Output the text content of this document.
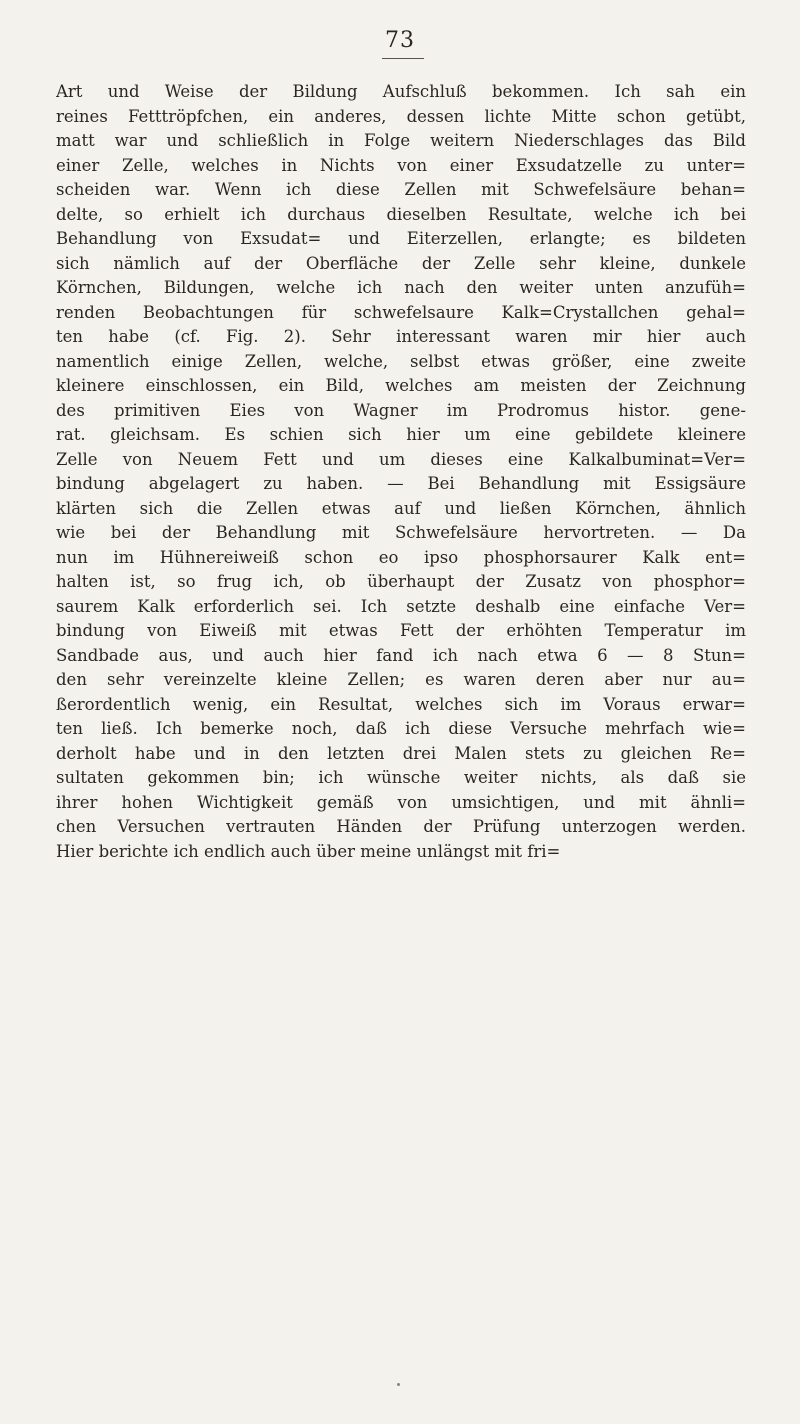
73
Art und Weise der Bildung Aufschluß bekommen. Ich sah ein
reines Fetttröpfchen, ein anderes, dessen lichte Mitte schon getübt,
matt war und schließlich in Folge weitern Niederschlages das Bild
einer Zelle, welches in Nichts von einer Exsudatzelle zu unter=
scheiden war. Wenn ich diese Zellen mit Schwefelsäure behan=
delte, so erhielt ich durchaus dieselben Resultate, welche ich bei
Behandlung von Exsudat= und Eiterzellen, erlangte; es bildeten
sich nämlich auf der Oberfläche der Zelle sehr kleine, dunkele
Körnchen, Bildungen, welche ich nach den weiter unten anzufüh=
renden Beobachtungen für schwefelsaure Kalk=Crystallchen gehal=
ten habe (cf. Fig. 2). Sehr interessant waren mir hier auch
namentlich einige Zellen, welche, selbst etwas größer, eine zweite
kleinere einschlossen, ein Bild, welches am meisten der Zeichnung
des primitiven Eies von Wagner im Prodromus histor. gene-
rat. gleichsam. Es schien sich hier um eine gebildete kleinere
Zelle von Neuem Fett und um dieses eine Kalkalbuminat=Ver=
bindung abgelagert zu haben. — Bei Behandlung mit Essigsäure
klärten sich die Zellen etwas auf und ließen Körnchen, ähnlich
wie bei der Behandlung mit Schwefelsäure hervortreten. — Da
nun im Hühnereiweiß schon eo ipso phosphorsaurer Kalk ent=
halten ist, so frug ich, ob überhaupt der Zusatz von phosphor=
saurem Kalk erforderlich sei. Ich setzte deshalb eine einfache Ver=
bindung von Eiweiß mit etwas Fett der erhöhten Temperatur im
Sandbade aus, und auch hier fand ich nach etwa 6 — 8 Stun=
den sehr vereinzelte kleine Zellen; es waren deren aber nur au=
ßerordentlich wenig, ein Resultat, welches sich im Voraus erwar=
ten ließ. Ich bemerke noch, daß ich diese Versuche mehrfach wie=
derholt habe und in den letzten drei Malen stets zu gleichen Re=
sultaten gekommen bin; ich wünsche weiter nichts, als daß sie
ihrer hohen Wichtigkeit gemäß von umsichtigen, und mit ähnli=
chen Versuchen vertrauten Händen der Prüfung unterzogen werden.
Hier berichte ich endlich auch über meine unlängst mit fri=
